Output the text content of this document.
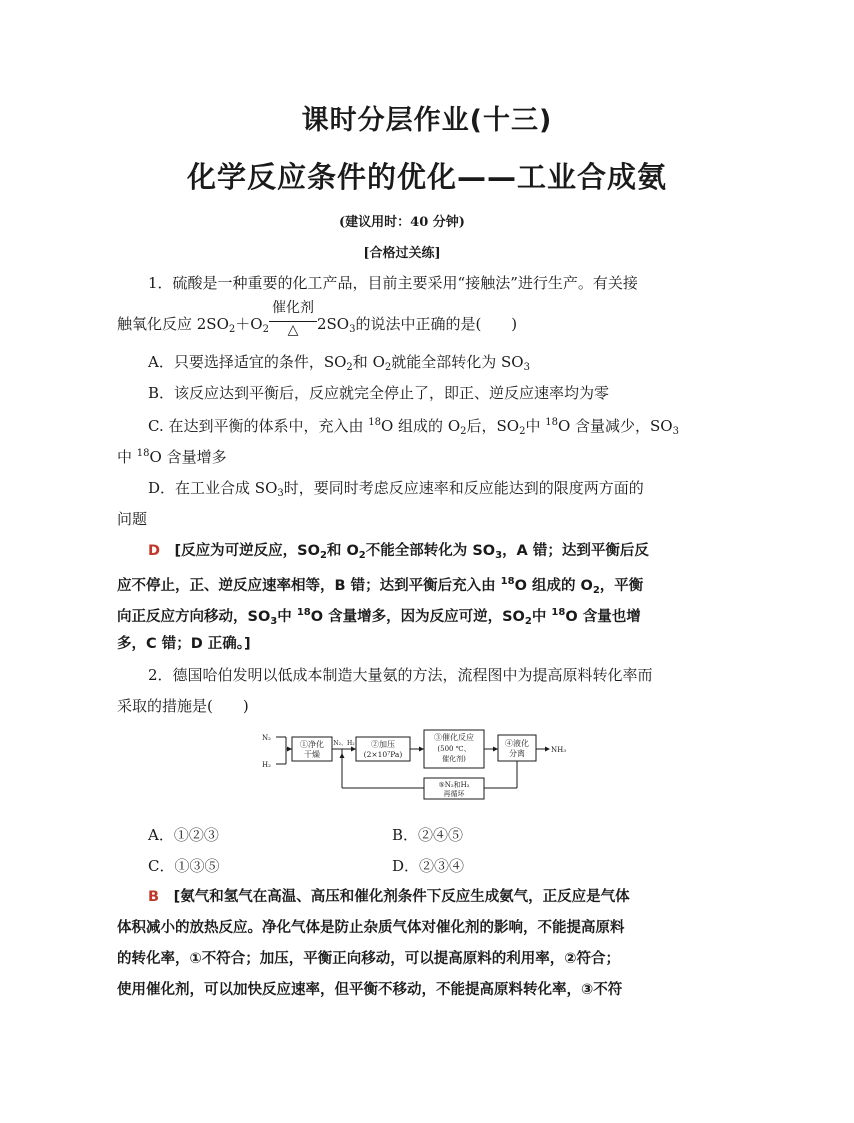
课时分层作业(十三)
化学反应条件的优化——工业合成氨
(建议用时：40 分钟)
[合格过关练]
1．硫酸是一种重要的化工产品，目前主要采用“接触法”进行生产。有关接
触氧化反应 $2SO_2+O_2$
催化剂
△	$2SO_3$的说法中正确的是(　　)
A．只要选择适宜的条件，$SO_2$和 $O_2$就能全部转化为 $SO_3$
B．该反应达到平衡后，反应就完全停止了，即正、逆反应速率均为零
C. 在达到平衡的体系中，充入由 $^{18}$O 组成的 $O_2$后，$SO_2$中 $^{18}$O 含量减少，$SO_3$
中 $^{18}$O 含量增多
D．在工业合成 $SO_3$时，要同时考虑反应速率和反应能达到的限度两方面的
问题
D　 [反应为可逆反应，$SO_2$和 $O_2$不能全部转化为 $SO_3$，A 错；达到平衡后反
应不停止，正、逆反应速率相等，B 错；达到平衡后充入由 $^{18}$O 组成的 $O_2$，平衡
向正反应方向移动，$SO_3$中 $^{18}$O 含量增多，因为反应可逆，$SO_2$中 $^{18}$O 含量也增
多，C 错；D 正确。]
2．德国哈伯发明以低成本制造大量氨的方法，流程图中为提高原料转化率而
采取的措施是(　　)
N₂
H₂
N₂、H₂
①净化
干燥
②加压
(2×10⁷Pa)
③催化反应
(500 ℃、
催化剂)
④液化
分离	NH₃
⑤N₂和H₂
再循环
A．①②③	B．②④⑤
C．①③⑤	D．②③④
B　 [氨气和氢气在高温、高压和催化剂条件下反应生成氨气，正反应是气体
体积减小的放热反应。净化气体是防止杂质气体对催化剂的影响，不能提高原料
的转化率，①不符合；加压，平衡正向移动，可以提高原料的利用率，②符合；
使用催化剂，可以加快反应速率，但平衡不移动，不能提高原料转化率，③不符
